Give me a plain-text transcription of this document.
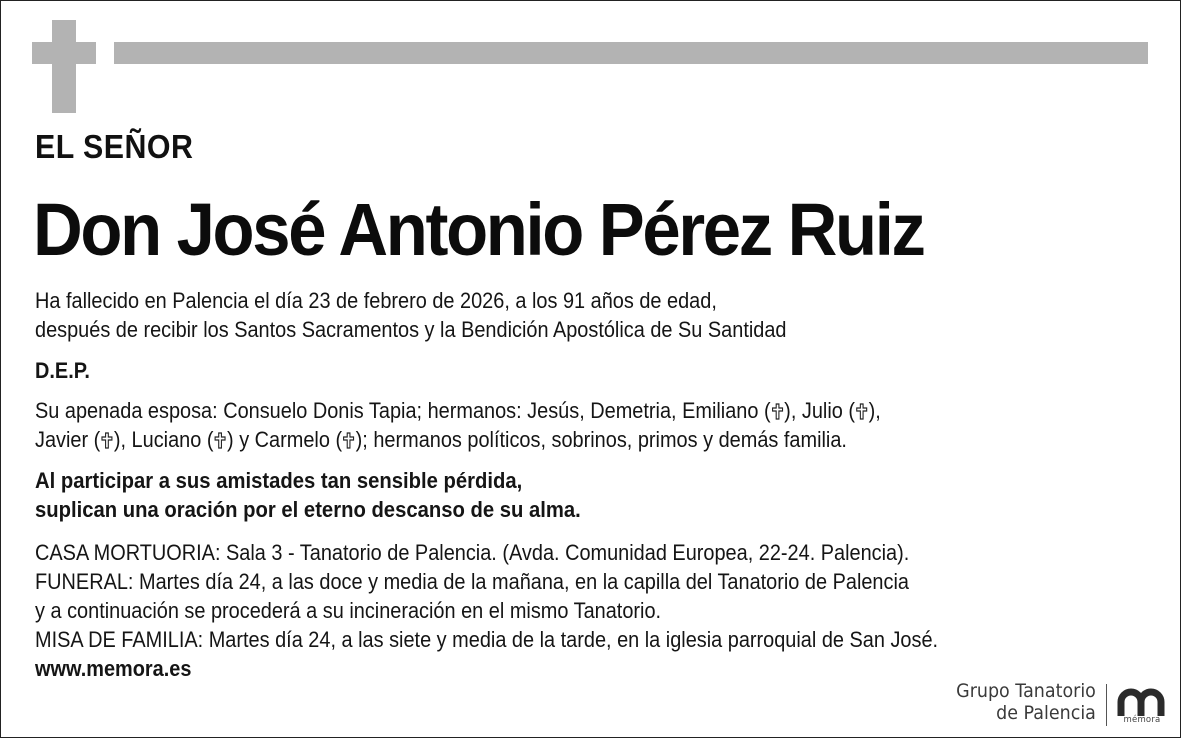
EL SEÑOR
Don José Antonio Pérez Ruiz
Ha fallecido en Palencia el día 23 de febrero de 2026, a los 91 años de edad,
después de recibir los Santos Sacramentos y la Bendición Apostólica de Su Santidad
D.E.P.
Su apenada esposa: Consuelo Donis Tapia; hermanos: Jesús, Demetria, Emiliano ( ), Julio ( ),
Javier ( ), Luciano ( ) y Carmelo ( ); hermanos políticos, sobrinos, primos y demás familia.
Al participar a sus amistades tan sensible pérdida,
suplican una oración por el eterno descanso de su alma.
CASA MORTUORIA: Sala 3 - Tanatorio de Palencia. (Avda. Comunidad Europea, 22-24. Palencia).
FUNERAL: Martes día 24, a las doce y media de la mañana, en la capilla del Tanatorio de Palencia
y a continuación se procederá a su incineración en el mismo Tanatorio.
MISA DE FAMILIA: Martes día 24, a las siete y media de la tarde, en la iglesia parroquial de San José.
www.memora.es
Grupo Tanatorio
de Palencia	mémora
